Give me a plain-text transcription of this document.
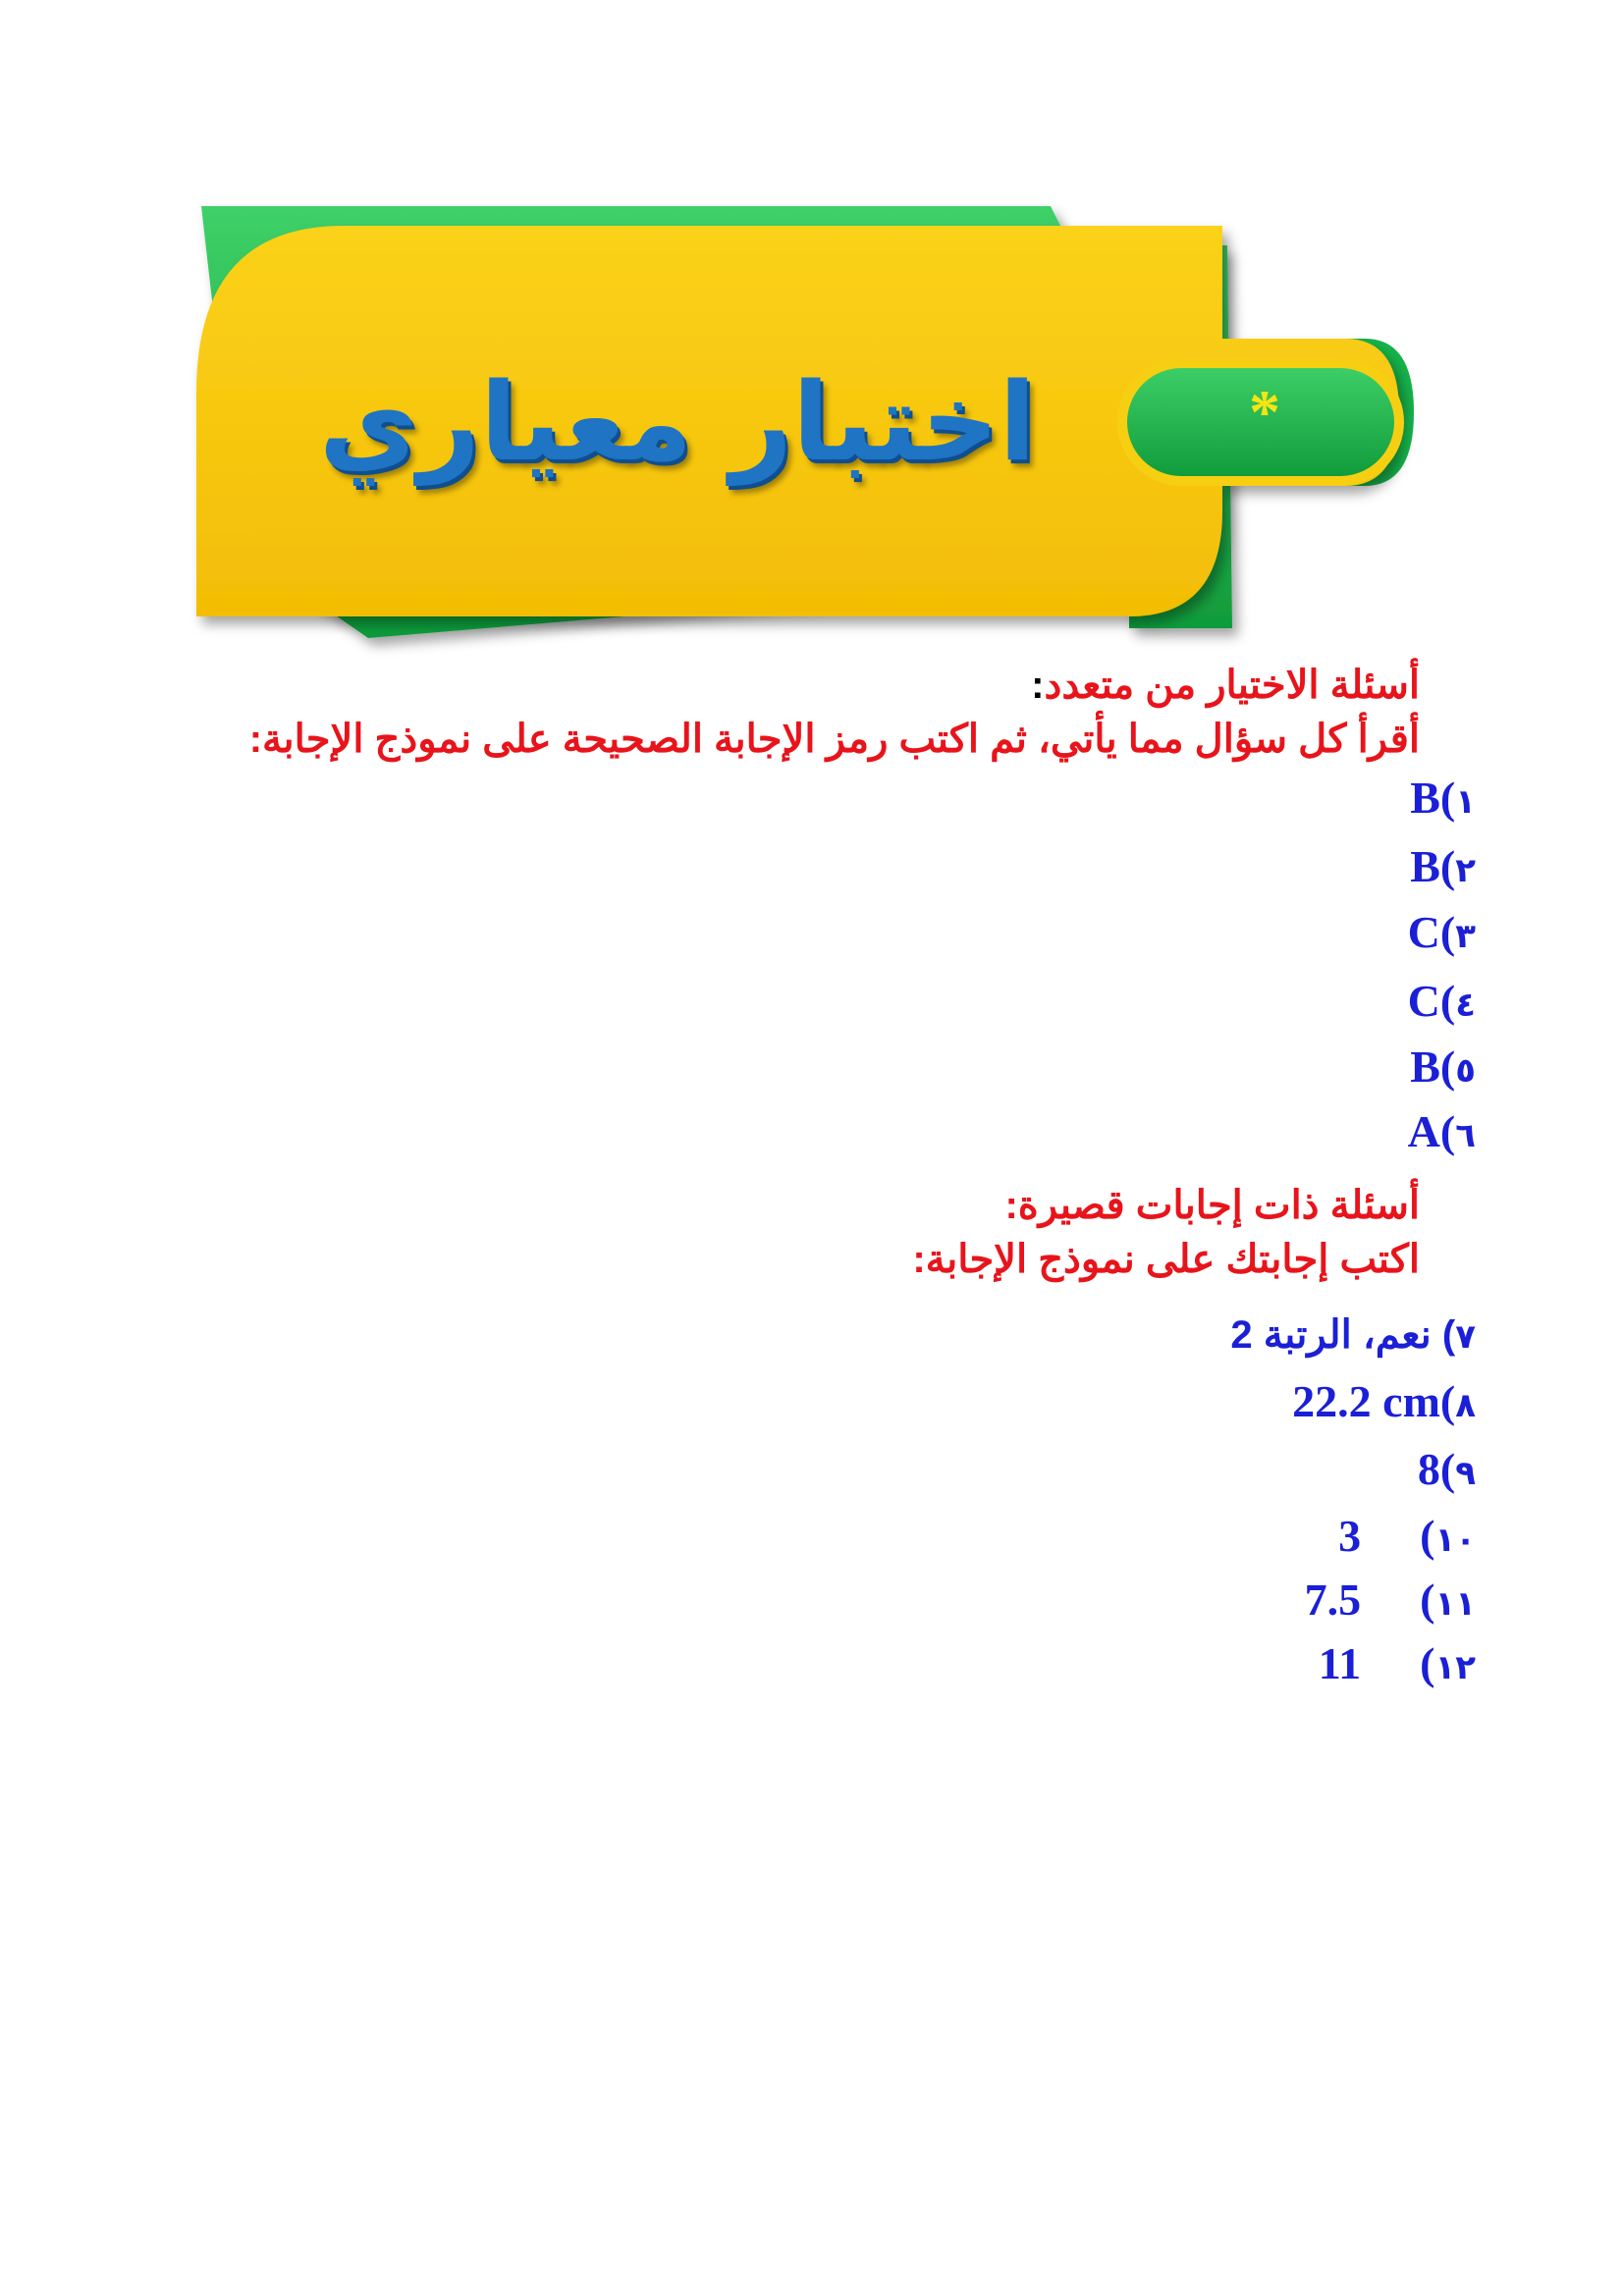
اختبار معياري	*
أسئلة الاختيار من متعدد:
أقرأ كل سؤال مما يأتي، ثم اكتب رمز الإجابة الصحيحة على نموذج الإجابة:
B(١
B(٢
C(٣
C(٤
B(٥
A(٦
أسئلة ذات إجابات قصيرة:
اكتب إجابتك على نموذج الإجابة:
٧) نعم، الرتبة 2
22.2 cm(٨
8(٩
3 (١٠
7.5 (١١
11 (١٢
